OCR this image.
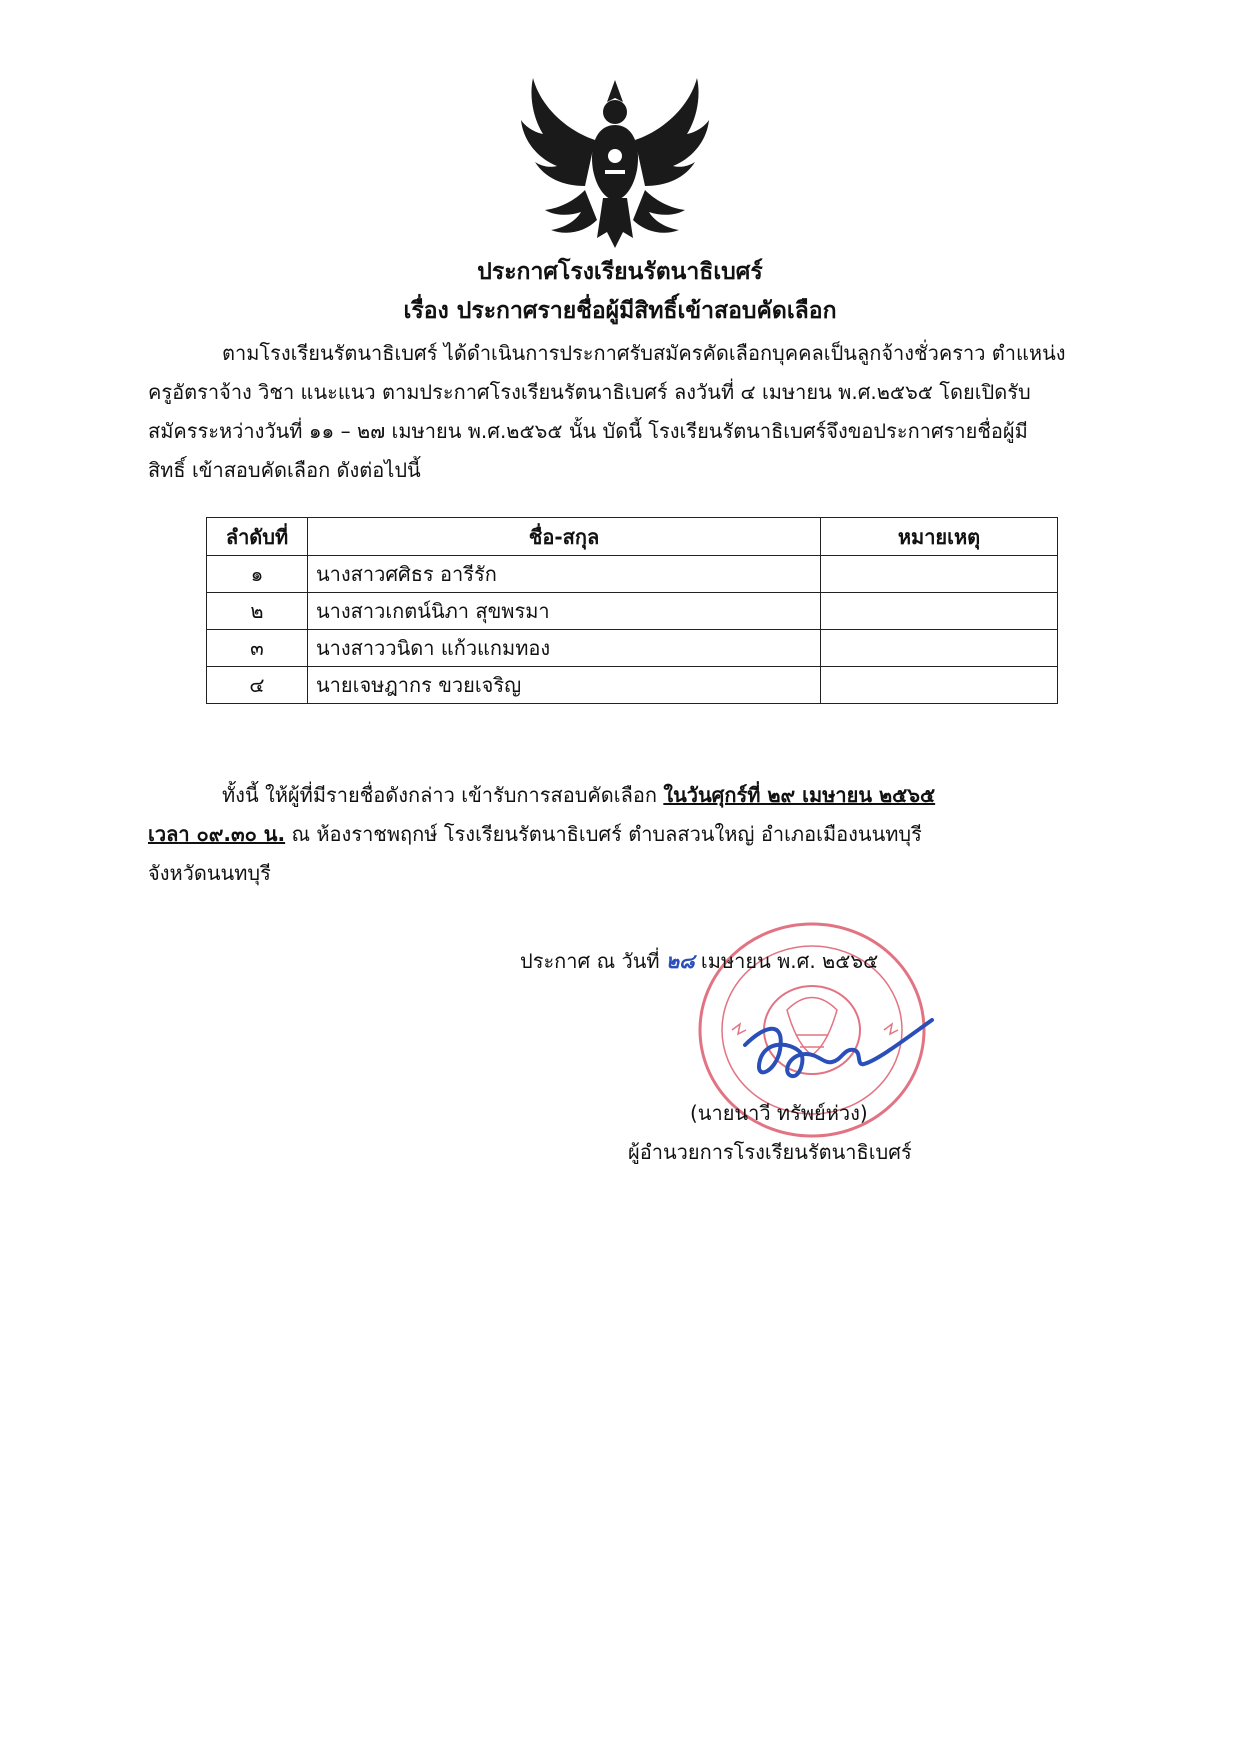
ประกาศโรงเรียนรัตนาธิเบศร์
เรื่อง ประกาศรายชื่อผู้มีสิทธิ์เข้าสอบคัดเลือก
ตามโรงเรียนรัตนาธิเบศร์ ได้ดำเนินการประกาศรับสมัครคัดเลือกบุคคลเป็นลูกจ้างชั่วคราว ตำแหน่ง
ครูอัตราจ้าง วิชา แนะแนว ตามประกาศโรงเรียนรัตนาธิเบศร์ ลงวันที่ ๔ เมษายน พ.ศ.๒๕๖๕ โดยเปิดรับ
สมัครระหว่างวันที่ ๑๑ – ๒๗ เมษายน พ.ศ.๒๕๖๕ นั้น บัดนี้ โรงเรียนรัตนาธิเบศร์จึงขอประกาศรายชื่อผู้มี
สิทธิ์ เข้าสอบคัดเลือก ดังต่อไปนี้
ลำดับที่	ชื่อ-สกุล	หมายเหตุ
๑	นางสาวศศิธร อารีรัก	
๒	นางสาวเกตน์นิภา สุขพรมา	
๓	นางสาววนิดา แก้วแกมทอง	
๔	นายเจษฎากร ขวยเจริญ	
ทั้งนี้ ให้ผู้ที่มีรายชื่อดังกล่าว เข้ารับการสอบคัดเลือก ในวันศุกร์ที่ ๒๙ เมษายน ๒๕๖๕
เวลา ๐๙.๓๐ น. ณ ห้องราชพฤกษ์ โรงเรียนรัตนาธิเบศร์ ตำบลสวนใหญ่ อำเภอเมืองนนทบุรี
จังหวัดนนทบุรี
ประกาศ ณ วันที่ ๒๘ เมษายน พ.ศ. ๒๕๖๕
(นายนาวี ทรัพย์ห่วง)
ผู้อำนวยการโรงเรียนรัตนาธิเบศร์
